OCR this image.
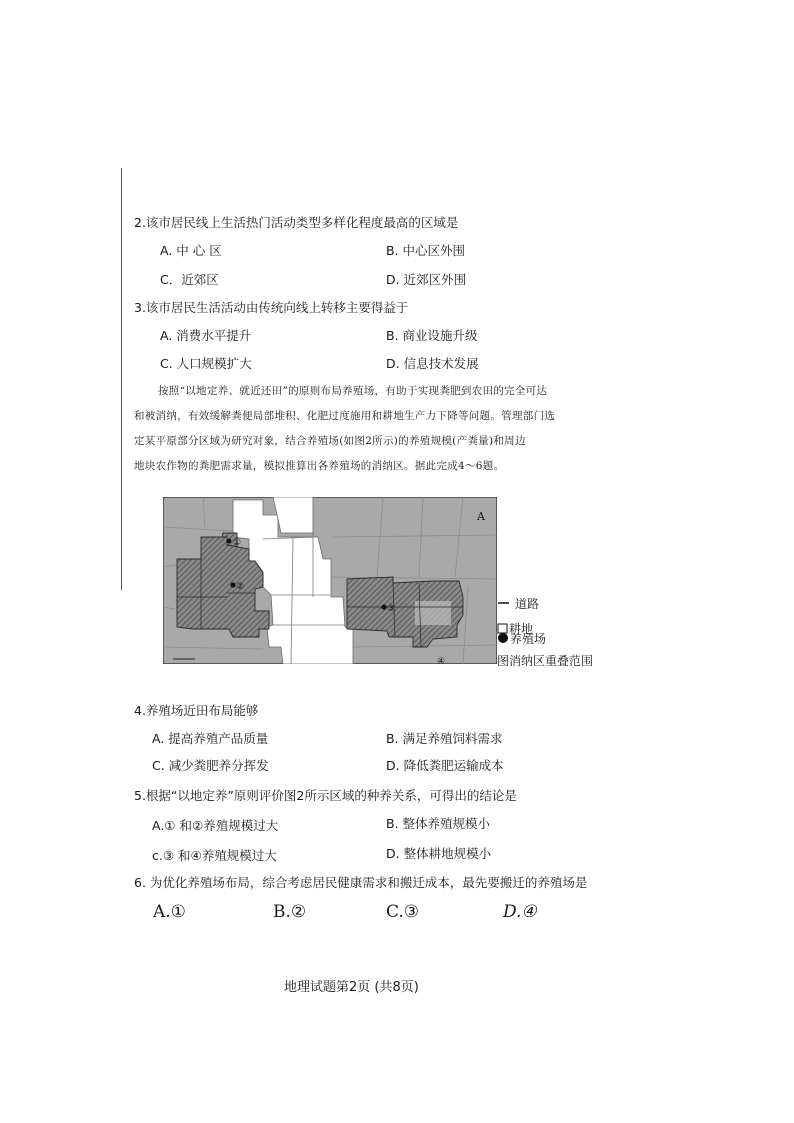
2.该市居民线上生活热门活动类型多样化程度最高的区域是
A. 中 心 区	B. 中心区外围
C．近郊区	D. 近郊区外围
3.该市居民生活活动由传统向线上转移主要得益于
A. 消费水平提升	B. 商业设施升级
C. 人口规模扩大	D. 信息技术发展
按照“以地定养、就近还田”的原则布局养殖场，有助于实现粪肥到农田的完全可达
和被消纳，有效缓解粪便局部堆积、化肥过度施用和耕地生产力下降等问题。管理部门选
定某平原部分区域为研究对象，结合养殖场(如图2所示)的养殖规模(产粪量)和周边
地块农作物的粪肥需求量，模拟推算出各养殖场的消纳区。据此完成4～6题。
①
②
③
④
A
道路
耕地
养殖场
图消纳区重叠范围
4.养殖场近田布局能够
A. 提高养殖产品质量	B. 满足养殖饲料需求
C. 减少粪肥养分挥发	D. 降低粪肥运输成本
5.根据“以地定养”原则评价图2所示区域的种养关系，可得出的结论是
A.① 和②养殖规模过大	B. 整体养殖规模小
c.③ 和④养殖规模过大	D. 整体耕地规模小
6. 为优化养殖场布局，综合考虑居民健康需求和搬迁成本，最先要搬迁的养殖场是
A.①	B.②	C.③	D.④
地理试题第2页 (共8页)
